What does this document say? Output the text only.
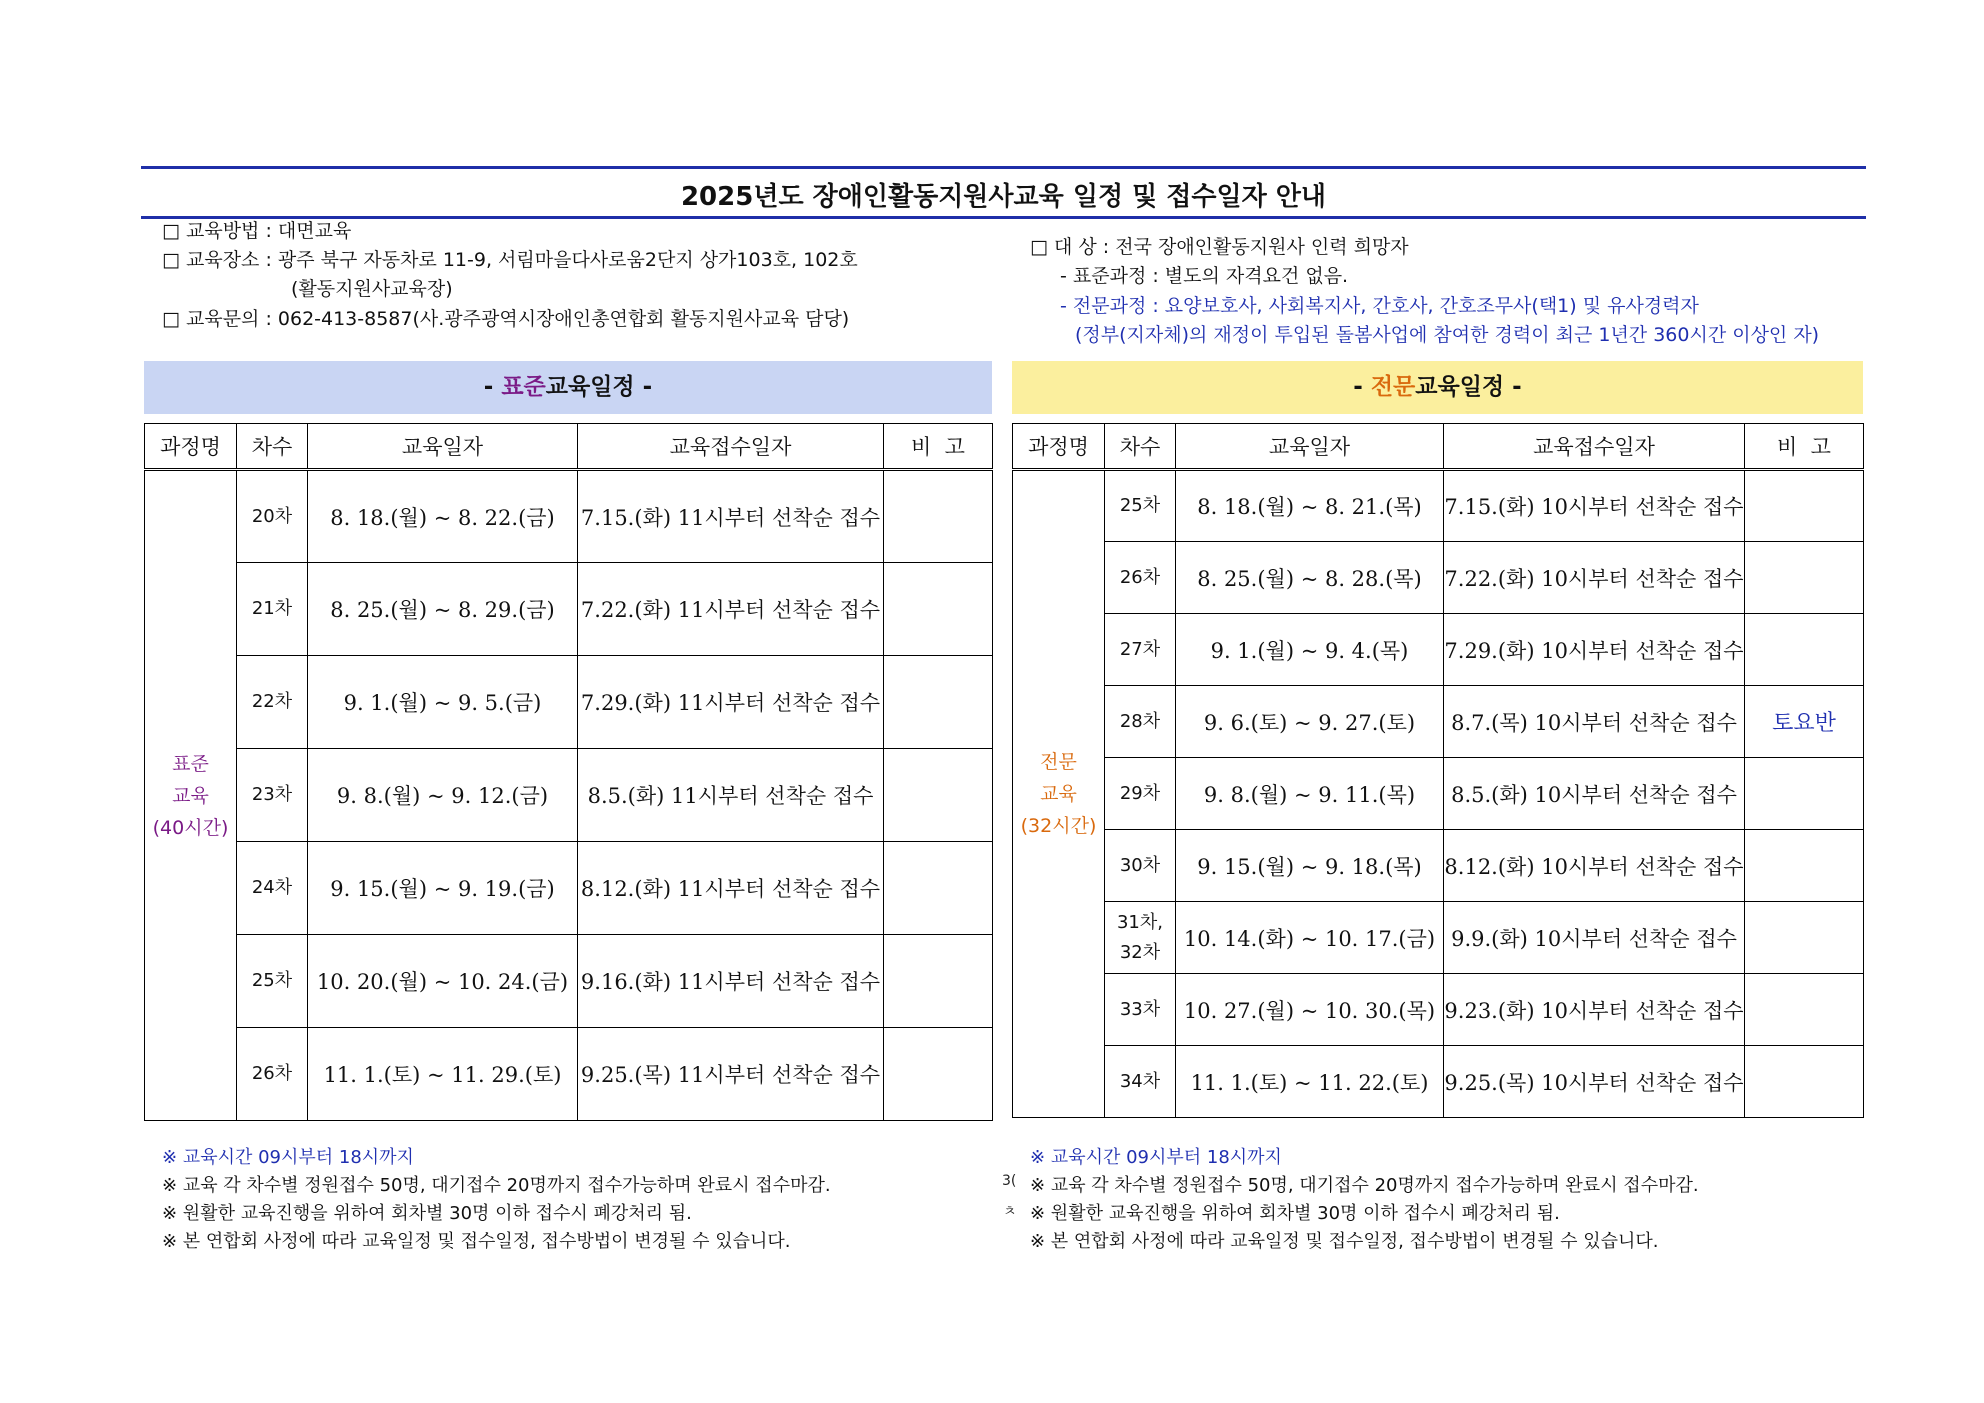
2025년도 장애인활동지원사교육 일정 및 접수일자 안내
□ 교육방법 : 대면교육
□ 교육장소 : 광주 북구 자동차로 11-9, 서림마을다사로움2단지 상가103호, 102호
(활동지원사교육장)
□ 교육문의 : 062-413-8587(사.광주광역시장애인총연합회 활동지원사교육 담당)
□ 대 상 : 전국 장애인활동지원사 인력 희망자
- 표준과정 : 별도의 자격요건 없음.
- 전문과정 : 요양보호사, 사회복지사, 간호사, 간호조무사(택1) 및 유사경력자
(정부(지자체)의 재정이 투입된 돌봄사업에 참여한 경력이 최근 1년간 360시간 이상인 자)
- 표준교육일정 -	- 전문교육일정 -
과정명	차수	교육일자	교육접수일자	비  고

표준
교육
(40시간)	20차	8. 18.(월) ~ 8. 22.(금)	7.15.(화) 11시부터 선착순 접수	
	21차	8. 25.(월) ~ 8. 29.(금)	7.22.(화) 11시부터 선착순 접수	
	22차	9. 1.(월) ~ 9. 5.(금)	7.29.(화) 11시부터 선착순 접수	
	23차	9. 8.(월) ~ 9. 12.(금)	8.5.(화) 11시부터 선착순 접수	
	24차	9. 15.(월) ~ 9. 19.(금)	8.12.(화) 11시부터 선착순 접수	
	25차	10. 20.(월) ~ 10. 24.(금)	9.16.(화) 11시부터 선착순 접수	
	26차	11. 1.(토) ~ 11. 29.(토)	9.25.(목) 11시부터 선착순 접수	
과정명	차수	교육일자	교육접수일자	비  고

전문
교육
(32시간)	25차	8. 18.(월) ~ 8. 21.(목)	7.15.(화) 10시부터 선착순 접수	
	26차	8. 25.(월) ~ 8. 28.(목)	7.22.(화) 10시부터 선착순 접수	
	27차	9. 1.(월) ~ 9. 4.(목)	7.29.(화) 10시부터 선착순 접수	
	28차	9. 6.(토) ~ 9. 27.(토)	8.7.(목) 10시부터 선착순 접수	토요반
	29차	9. 8.(월) ~ 9. 11.(목)	8.5.(화) 10시부터 선착순 접수	
	30차	9. 15.(월) ~ 9. 18.(목)	8.12.(화) 10시부터 선착순 접수	
	31차, 32차	10. 14.(화) ~ 10. 17.(금)	9.9.(화) 10시부터 선착순 접수	
	33차	10. 27.(월) ~ 10. 30.(목)	9.23.(화) 10시부터 선착순 접수	
	34차	11. 1.(토) ~ 11. 22.(토)	9.25.(목) 10시부터 선착순 접수	
※ 교육시간 09시부터 18시까지
※ 교육 각 차수별 정원접수 50명, 대기접수 20명까지 접수가능하며 완료시 접수마감.
※ 원활한 교육진행을 위하여 회차별 30명 이하 접수시 폐강처리 됨.
※ 본 연합회 사정에 따라 교육일정 및 접수일정, 접수방법이 변경될 수 있습니다.
3(
ㅊ
※ 교육시간 09시부터 18시까지
※ 교육 각 차수별 정원접수 50명, 대기접수 20명까지 접수가능하며 완료시 접수마감.
※ 원활한 교육진행을 위하여 회차별 30명 이하 접수시 폐강처리 됨.
※ 본 연합회 사정에 따라 교육일정 및 접수일정, 접수방법이 변경될 수 있습니다.
